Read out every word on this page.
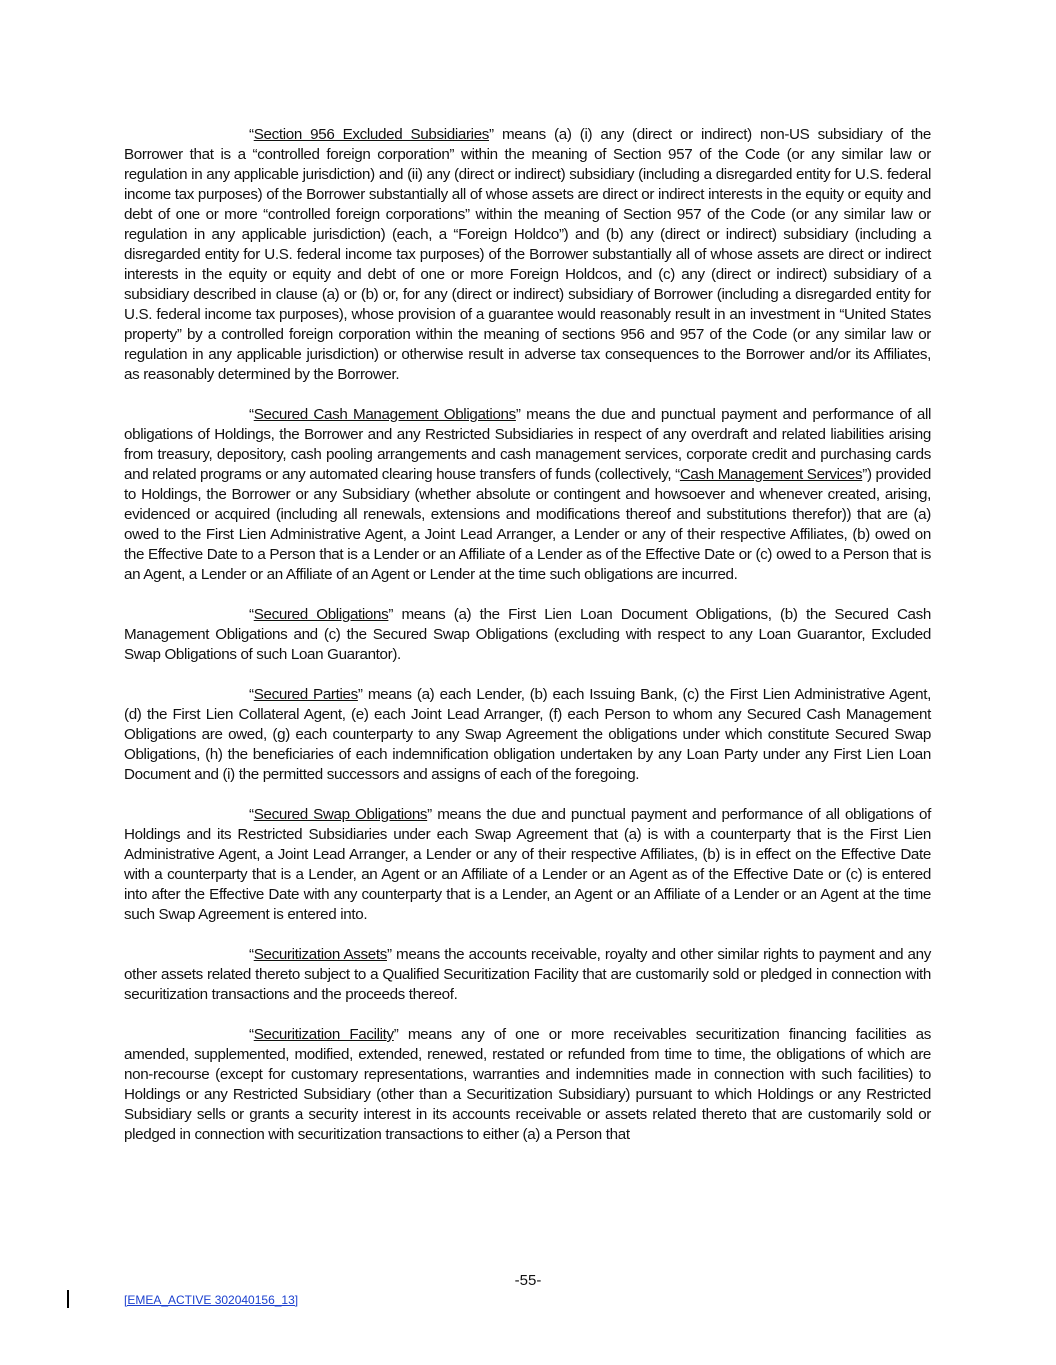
“Section 956 Excluded Subsidiaries” means (a) (i) any (direct or indirect) non-US subsidiary of the Borrower that is a “controlled foreign corporation” within the meaning of Section 957 of the Code (or any similar law or regulation in any applicable jurisdiction) and (ii) any (direct or indirect) subsidiary (including a disregarded entity for U.S. federal income tax purposes) of the Borrower substantially all of whose assets are direct or indirect interests in the equity or equity and debt of one or more “controlled foreign corporations” within the meaning of Section 957 of the Code (or any similar law or regulation in any applicable jurisdiction) (each, a “Foreign Holdco”) and (b) any (direct or indirect) subsidiary (including a disregarded entity for U.S. federal income tax purposes) of the Borrower substantially all of whose assets are direct or indirect interests in the equity or equity and debt of one or more Foreign Holdcos, and (c) any (direct or indirect) subsidiary of a subsidiary described in clause (a) or (b) or, for any (direct or indirect) subsidiary of Borrower (including a disregarded entity for U.S. federal income tax purposes), whose provision of a guarantee would reasonably result in an investment in “United States property” by a controlled foreign corporation within the meaning of sections 956 and 957 of the Code (or any similar law or regulation in any applicable jurisdiction) or otherwise result in adverse tax consequences to the Borrower and/or its Affiliates, as reasonably determined by the Borrower.

“Secured Cash Management Obligations” means the due and punctual payment and performance of all obligations of Holdings, the Borrower and any Restricted Subsidiaries in respect of any overdraft and related liabilities arising from treasury, depository, cash pooling arrangements and cash management services, corporate credit and purchasing cards and related programs or any automated clearing house transfers of funds (collectively, “Cash Management Services”) provided to Holdings, the Borrower or any Subsidiary (whether absolute or contingent and howsoever and whenever created, arising, evidenced or acquired (including all renewals, extensions and modifications thereof and substitutions therefor)) that are (a) owed to the First Lien Administrative Agent, a Joint Lead Arranger, a Lender or any of their respective Affiliates, (b) owed on the Effective Date to a Person that is a Lender or an Affiliate of a Lender as of the Effective Date or (c) owed to a Person that is an Agent, a Lender or an Affiliate of an Agent or Lender at the time such obligations are incurred.

“Secured Obligations” means (a) the First Lien Loan Document Obligations, (b) the Secured Cash Management Obligations and (c) the Secured Swap Obligations (excluding with respect to any Loan Guarantor, Excluded Swap Obligations of such Loan Guarantor).

“Secured Parties” means (a) each Lender, (b) each Issuing Bank, (c) the First Lien Administrative Agent, (d) the First Lien Collateral Agent, (e) each Joint Lead Arranger, (f) each Person to whom any Secured Cash Management Obligations are owed, (g) each counterparty to any Swap Agreement the obligations under which constitute Secured Swap Obligations, (h) the beneficiaries of each indemnification obligation undertaken by any Loan Party under any First Lien Loan Document and (i) the permitted successors and assigns of each of the foregoing.

“Secured Swap Obligations” means the due and punctual payment and performance of all obligations of Holdings and its Restricted Subsidiaries under each Swap Agreement that (a) is with a counterparty that is the First Lien Administrative Agent, a Joint Lead Arranger, a Lender or any of their respective Affiliates, (b) is in effect on the Effective Date with a counterparty that is a Lender, an Agent or an Affiliate of a Lender or an Agent as of the Effective Date or (c) is entered into after the Effective Date with any counterparty that is a Lender, an Agent or an Affiliate of a Lender or an Agent at the time such Swap Agreement is entered into.

“Securitization Assets” means the accounts receivable, royalty and other similar rights to payment and any other assets related thereto subject to a Qualified Securitization Facility that are customarily sold or pledged in connection with securitization transactions and the proceeds thereof.

“Securitization Facility” means any of one or more receivables securitization financing facilities as amended, supplemented, modified, extended, renewed, restated or refunded from time to time, the obligations of which are non-recourse (except for customary representations, warranties and indemnities made in connection with such facilities) to Holdings or any Restricted Subsidiary (other than a Securitization Subsidiary) pursuant to which Holdings or any Restricted Subsidiary sells or grants a security interest in its accounts receivable or assets related thereto that are customarily sold or pledged in connection with securitization transactions to either (a) a Person that

-55-
[EMEA_ACTIVE 302040156_13]
